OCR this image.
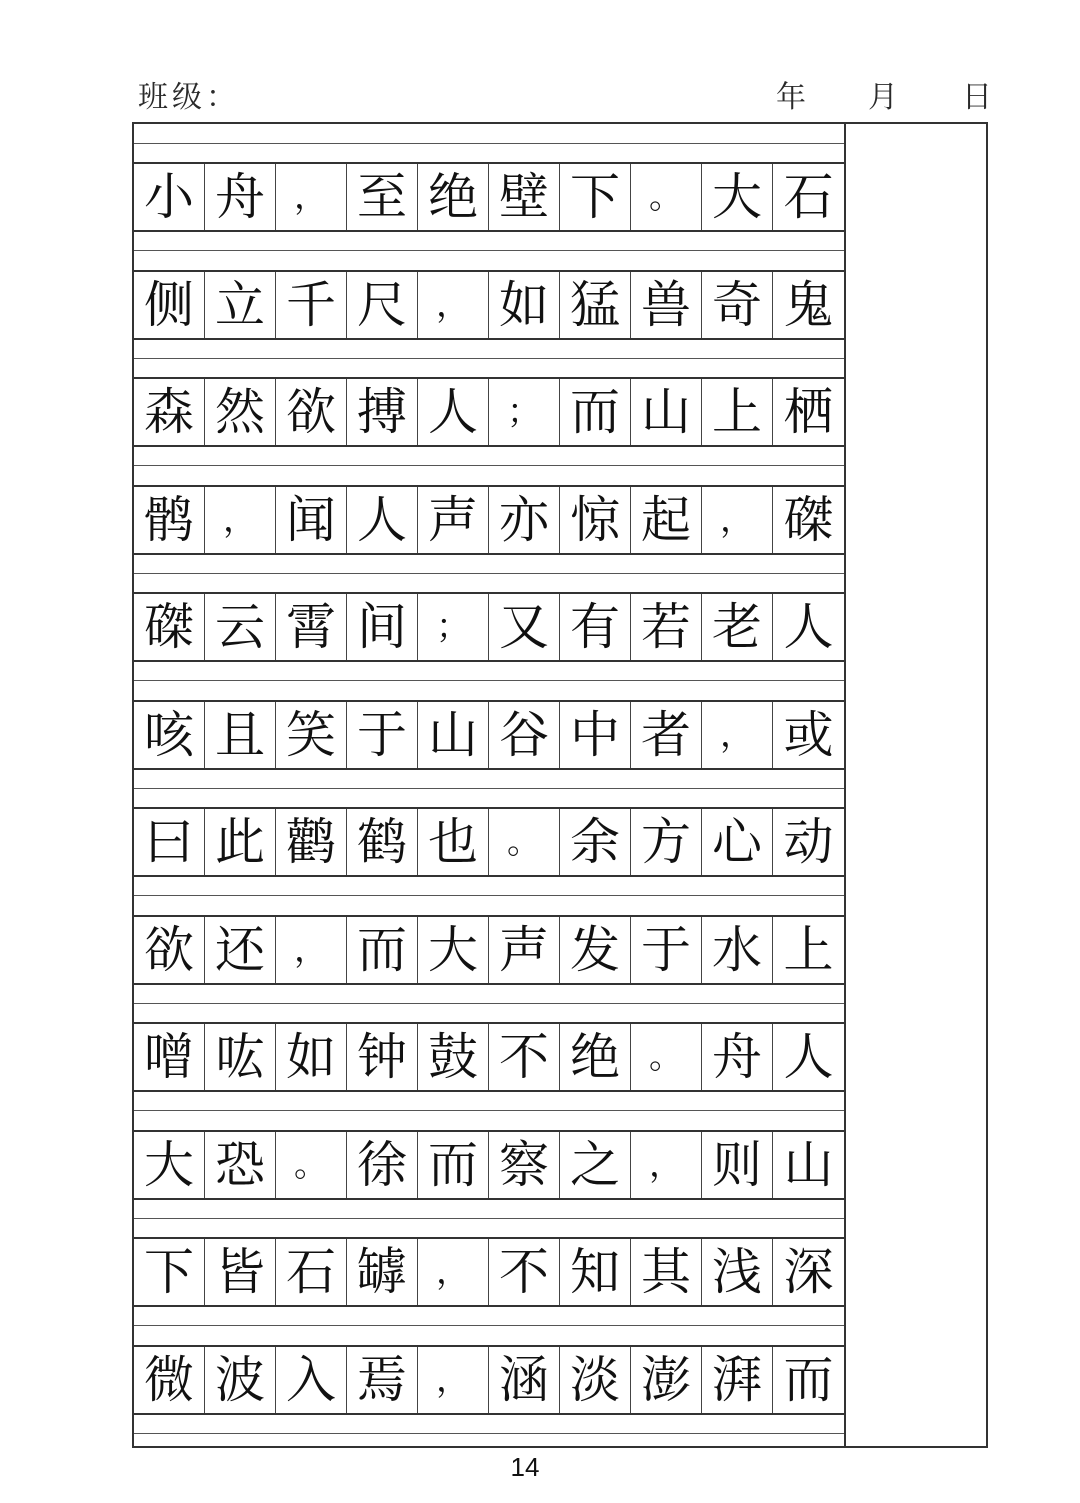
班级：	年 月 日
小 舟 ， 至 绝 壁 下 。 大 石
侧 立 千 尺 ， 如 猛 兽 奇 鬼
森 然 欲 搏 人 ； 而 山 上 栖
鹘 ， 闻 人 声 亦 惊 起 ， 磔
磔 云 霄 间 ； 又 有 若 老 人
咳 且 笑 于 山 谷 中 者 ， 或
曰 此 鹳 鹤 也 。 余 方 心 动
欲 还 ， 而 大 声 发 于 水 上
噌 吰 如 钟 鼓 不 绝 。 舟 人
大 恐 。 徐 而 察 之 ， 则 山
下 皆 石 罅 ， 不 知 其 浅 深
微 波 入 焉 ， 涵 淡 澎 湃 而
14
